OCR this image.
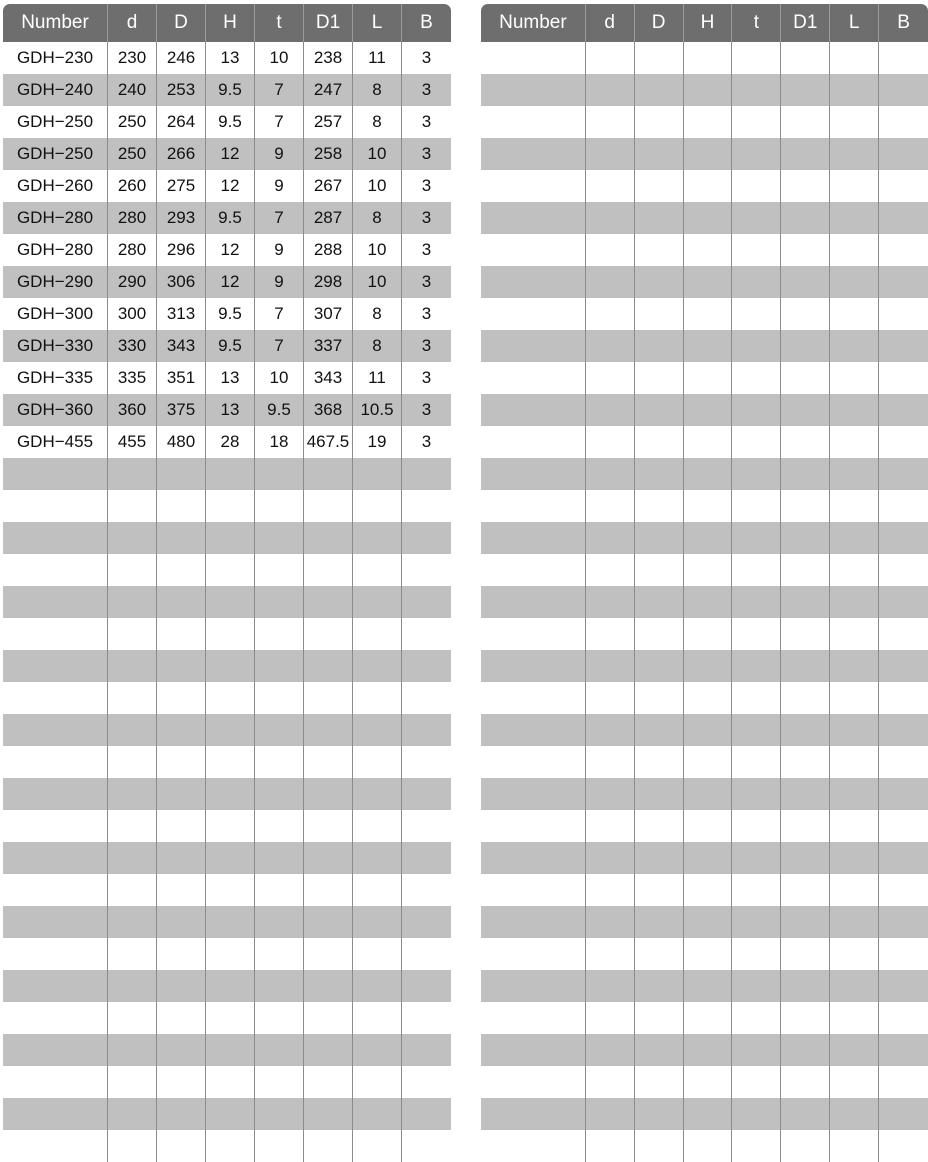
Number	d	D	H	t	D1	L	B
GDH−230	230	246	13	10	238	11	3
GDH−240	240	253	9.5	7	247	8	3
GDH−250	250	264	9.5	7	257	8	3
GDH−250	250	266	12	9	258	10	3
GDH−260	260	275	12	9	267	10	3
GDH−280	280	293	9.5	7	287	8	3
GDH−280	280	296	12	9	288	10	3
GDH−290	290	306	12	9	298	10	3
GDH−300	300	313	9.5	7	307	8	3
GDH−330	330	343	9.5	7	337	8	3
GDH−335	335	351	13	10	343	11	3
GDH−360	360	375	13	9.5	368	10.5	3
GDH−455	455	480	28	18	467.5	19	3
Number	d	D	H	t	D1	L	B
